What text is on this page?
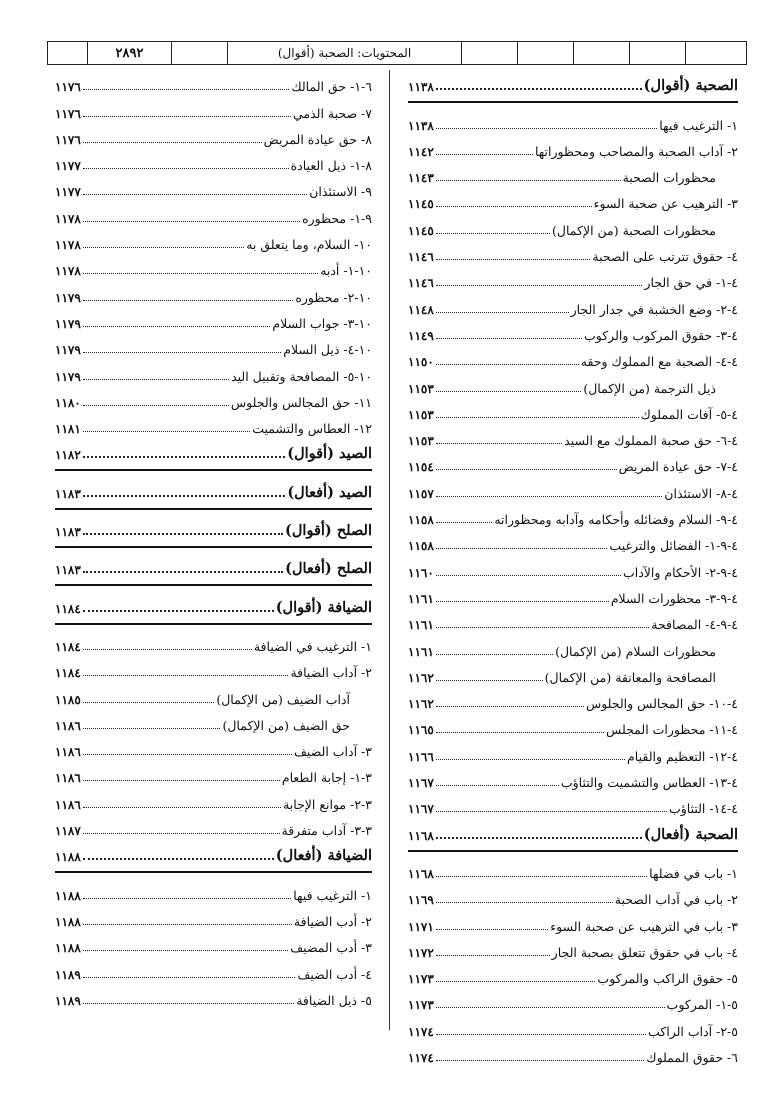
٢٨٩٢	المحتويات: الصحبة (أقوال)
الصحبة (أقوال)
١١٣٨
١- الترغيب فيها
١١٣٨
٢- آداب الصحبة والمصاحب ومحظوراتها
١١٤٢
محظورات الصحبة
١١٤٣
٣- الترهيب عن صحبة السوء
١١٤٥
محظورات الصحبة (من الإكمال)
١١٤٥
٤- حقوق تترتب على الصحبة
١١٤٦
٤-١- في حق الجار
١١٤٦
٤-٢- وضع الخشبة في جدار الجار
١١٤٨
٤-٣- حقوق المركوب والركوب
١١٤٩
٤-٤- الصحبة مع المملوك وحقه
١١٥٠
ذيل الترجمة (من الإكمال)
١١٥٣
٤-٥- آفات المملوك
١١٥٣
٤-٦- حق صحبة المملوك مع السيد
١١٥٣
٤-٧- حق عيادة المريض
١١٥٤
٤-٨- الاستئذان
١١٥٧
٤-٩- السلام وفضائله وأحكامه وآدابه ومحظوراته
١١٥٨
٤-٩-١- الفضائل والترغيب
١١٥٨
٤-٩-٢- الأحكام والآداب
١١٦٠
٤-٩-٣- محظورات السلام
١١٦١
٤-٩-٤- المصافحة
١١٦١
محظورات السلام (من الإكمال)
١١٦١
المصافحة والمعانقة (من الإكمال)
١١٦٢
٤-١٠- حق المجالس والجلوس
١١٦٢
٤-١١- محظورات المجلس
١١٦٥
٤-١٢- التعظيم والقيام
١١٦٦
٤-١٣- العطاس والتشميت والتثاؤب
١١٦٧
٤-١٤- التثاؤب
١١٦٧
الصحبة (أفعال)
١١٦٨
١- باب في فضلها
١١٦٨
٢- باب في آداب الصحبة
١١٦٩
٣- باب في الترهيب عن صحبة السوء
١١٧١
٤- باب في حقوق تتعلق بصحبة الجار
١١٧٢
٥- حقوق الراكب والمركوب
١١٧٣
٥-١- المركوب
١١٧٣
٥-٢- آداب الراكب
١١٧٤
٦- حقوق المملوك
١١٧٤
٦-١- حق المالك
١١٧٦
٧- صحبة الذمي
١١٧٦
٨- حق عيادة المريض
١١٧٦
٨-١- ذيل العيادة
١١٧٧
٩- الاستئذان
١١٧٧
٩-١- محظوره
١١٧٨
١٠- السلام، وما يتعلق به
١١٧٨
١٠-١- أدبه
١١٧٨
١٠-٢- محظوره
١١٧٩
١٠-٣- جواب السلام
١١٧٩
١٠-٤- ذيل السلام
١١٧٩
١٠-٥- المصافحة وتقبيل اليد
١١٧٩
١١- حق المجالس والجلوس
١١٨٠
١٢- العطاس والتشميت
١١٨١
الصيد (أقوال)
١١٨٢
الصيد (أفعال)
١١٨٣
الصلح (أقوال)
١١٨٣
الصلح (أفعال)
١١٨٣
الضيافة (أقوال)
١١٨٤
١- الترغيب في الضيافة
١١٨٤
٢- آداب الضيافة
١١٨٤
آداب الضيف (من الإكمال)
١١٨٥
حق الضيف (من الإكمال)
١١٨٦
٣- آداب الضيف
١١٨٦
٣-١- إجابة الطعام
١١٨٦
٣-٢- موانع الإجابة
١١٨٦
٣-٣- آداب متفرقة
١١٨٧
الضيافة (أفعال)
١١٨٨
١- الترغيب فيها
١١٨٨
٢- أدب الضيافة
١١٨٨
٣- أدب المضيف
١١٨٨
٤- أدب الضيف
١١٨٩
٥- ذيل الضيافة
١١٨٩
